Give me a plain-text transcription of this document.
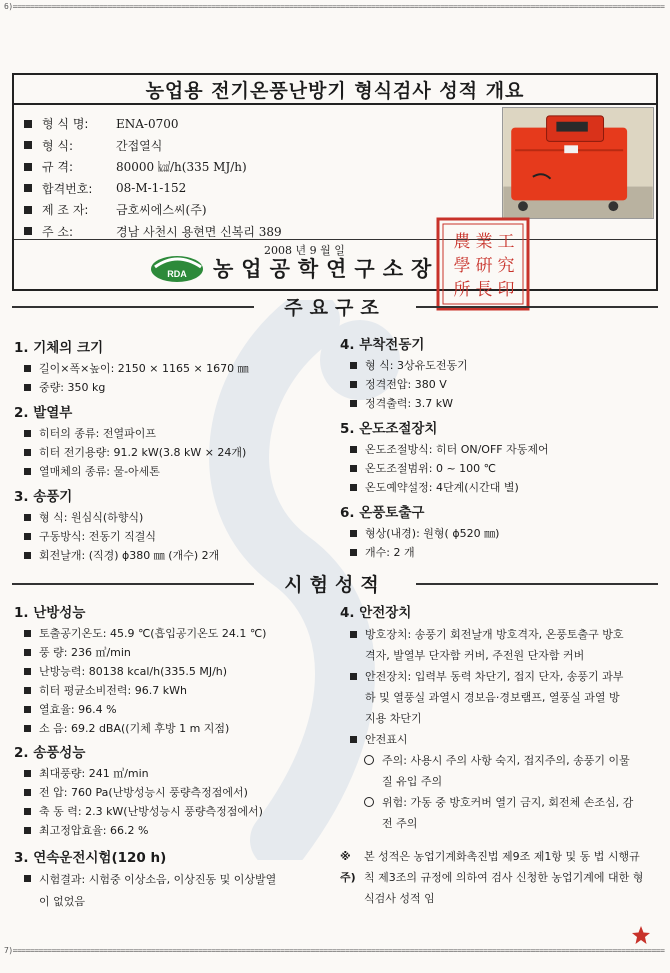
6)=======================================================================================================================================================
농업용 전기온풍난방기 형식검사 성적 개요
형 식 명:	ENA-0700
형 식:	간접열식
규 격:	80000 ㎉/h(335 MJ/h)
합격번호:	08-M-1-152
제 조 자:	금호씨에스씨(주)
주 소:	경남 사천시 용현면 신복리 389
2008 년 9 월 일
RDA 농업공학연구소장
農 業 工
學 硏 究
所 長 印
주요구조
1. 기체의 크기
길이×폭×높이: 2150 × 1165 × 1670 ㎜
중량: 350 kg
2. 발열부
히터의 종류: 전열파이프
히터 전기용량: 91.2 kW(3.8 kW × 24개)
열매체의 종류: 물-아세톤
3. 송풍기
형 식: 원심식(하향식)
구동방식: 전동기 직결식
회전날개: (직경) ϕ380 ㎜ (개수) 2개
4. 부착전동기
형 식: 3상유도전동기
정격전압: 380 V
정격출력: 3.7 kW
5. 온도조절장치
온도조절방식: 히터 ON/OFF 자동제어
온도조절범위: 0 ~ 100 ℃
온도예약설정: 4단계(시간대 별)
6. 온풍토출구
형상(내경): 원형( ϕ520 ㎜)
개수: 2 개
시험성적
1. 난방성능
토출공기온도: 45.9 ℃(흡입공기온도 24.1 ℃)
풍 량: 236 ㎥/min
난방능력: 80138 kcal/h(335.5 MJ/h)
히터 평균소비전력: 96.7 kWh
열효율: 96.4 %
소 음: 69.2 dBA((기체 후방 1 m 지점)
2. 송풍성능
최대풍량: 241 ㎥/min
전 압: 760 Pa(난방성능시 풍량측정점에서)
축 동 력: 2.3 kW(난방성능시 풍량측정점에서)
최고정압효율: 66.2 %
3. 연속운전시험(120 h)
시험결과: 시험중 이상소음, 이상진동 및 이상발열이 없었음
4. 안전장치
방호장치: 송풍기 회전날개 방호격자, 온풍토출구 방호격자, 발열부 단자함 커버, 주전원 단자함 커버
안전장치: 입력부 동력 차단기, 접지 단자, 송풍기 과부하 및 열풍실 과열시 경보음·경보램프, 열풍실 과열 방지용 차단기
안전표시
주의: 사용시 주의 사항 숙지, 접지주의, 송풍기 이물질 유입 주의
위험: 가동 중 방호커버 열기 금지, 회전체 손조심, 감전 주의
※ 주)
본 성적은 농업기계화촉진법 제9조 제1항 및 동 법 시행규칙 제3조의 규정에 의하여 검사 신청한 농업기계에 대한 형식검사 성적 임
7)=======================================================================================================================================================
